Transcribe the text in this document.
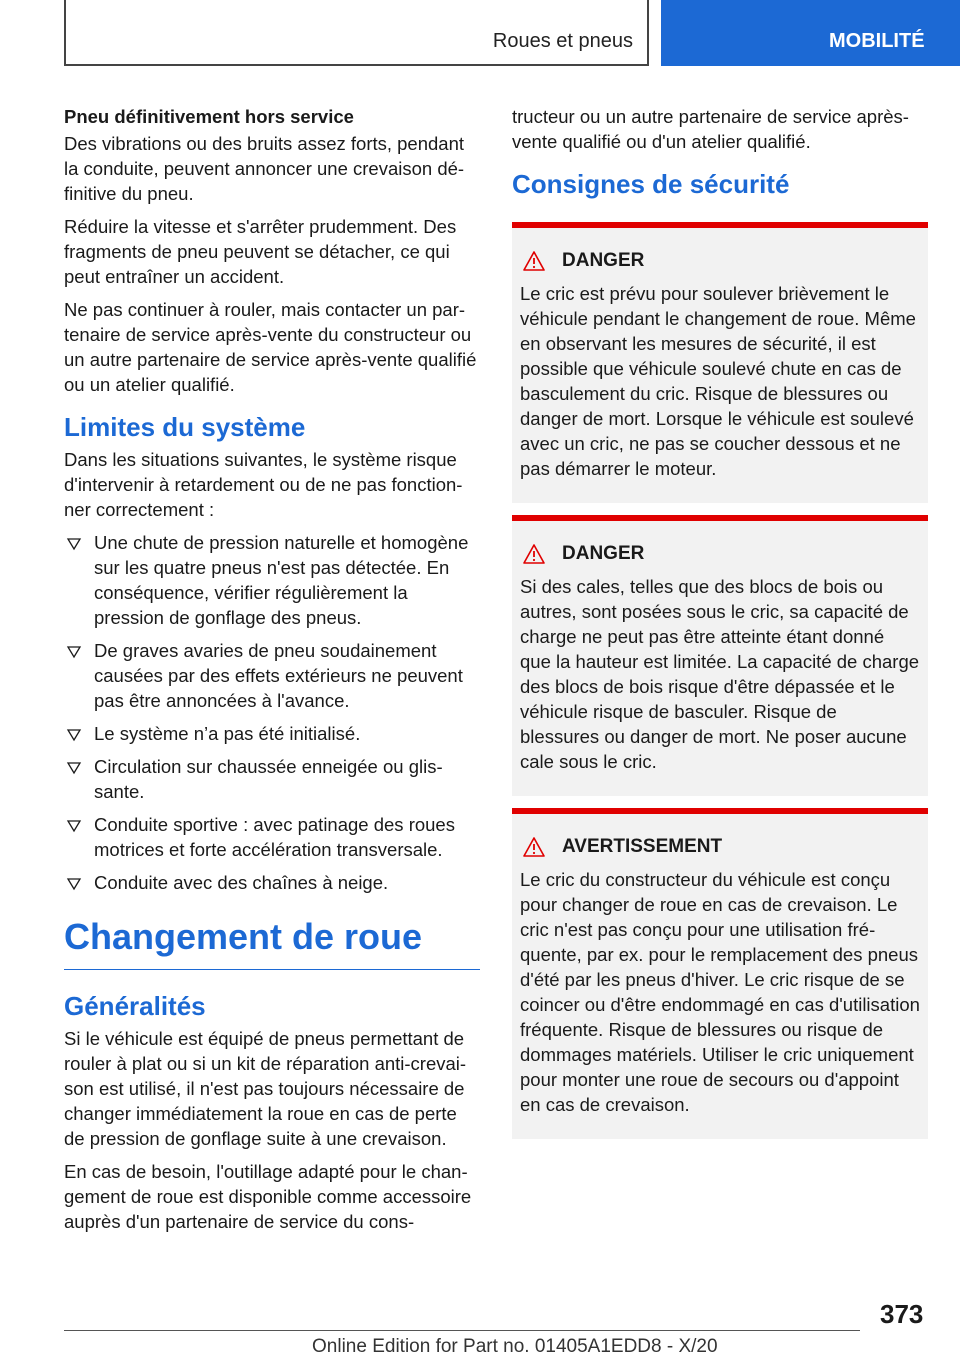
Roues et pneus	MOBILITÉ
Pneu définitivement hors service

Des vibrations ou des bruits assez forts, pendant la conduite, peuvent annoncer une crevaison définitive du pneu.

Réduire la vitesse et s'arrêter prudemment. Des fragments de pneu peuvent se détacher, ce qui peut entraîner un accident.

Ne pas continuer à rouler, mais contacter un partenaire de service après-vente du constructeur ou un autre partenaire de service après-vente qualifié ou un atelier qualifié.

Limites du système

Dans les situations suivantes, le système risque d'intervenir à retardement ou de ne pas fonctionner correctement :

Une chute de pression naturelle et homogène sur les quatre pneus n'est pas détectée. En conséquence, vérifier régulièrement la pression de gonflage des pneus.
De graves avaries de pneu soudainement causées par des effets extérieurs ne peuvent pas être annoncées à l'avance.
Le système n’a pas été initialisé.
Circulation sur chaussée enneigée ou glissante.
Conduite sportive : avec patinage des roues motrices et forte accélération transversale.
Conduite avec des chaînes à neige.
Changement de roue
Généralités

Si le véhicule est équipé de pneus permettant de rouler à plat ou si un kit de réparation anti-crevaison est utilisé, il n'est pas toujours nécessaire de changer immédiatement la roue en cas de perte de pression de gonflage suite à une crevaison.

En cas de besoin, l'outillage adapté pour le changement de roue est disponible comme accessoire auprès d'un partenaire de service du cons-

tructeur ou un autre partenaire de service après-vente qualifié ou d'un atelier qualifié.

Consignes de sécurité
DANGER

Le cric est prévu pour soulever brièvement le véhicule pendant le changement de roue. Même en observant les mesures de sécurité, il est possible que véhicule soulevé chute en cas de basculement du cric. Risque de blessures ou danger de mort. Lorsque le véhicule est soulevé avec un cric, ne pas se coucher dessous et ne pas démarrer le moteur.

DANGER

Si des cales, telles que des blocs de bois ou autres, sont posées sous le cric, sa capacité de charge ne peut pas être atteinte étant donné que la hauteur est limitée. La capacité de charge des blocs de bois risque d'être dépassée et le véhicule risque de basculer. Risque de blessures ou danger de mort. Ne poser aucune cale sous le cric.

AVERTISSEMENT

Le cric du constructeur du véhicule est conçu pour changer de roue en cas de crevaison. Le cric n'est pas conçu pour une utilisation fréquente, par ex. pour le remplacement des pneus d'été par les pneus d'hiver. Le cric risque de se coincer ou d'être endommagé en cas d'utilisation fréquente. Risque de blessures ou risque de dommages matériels. Utiliser le cric uniquement pour monter une roue de secours ou d'appoint en cas de crevaison.

373
Online Edition for Part no. 01405A1EDD8 - X/20
